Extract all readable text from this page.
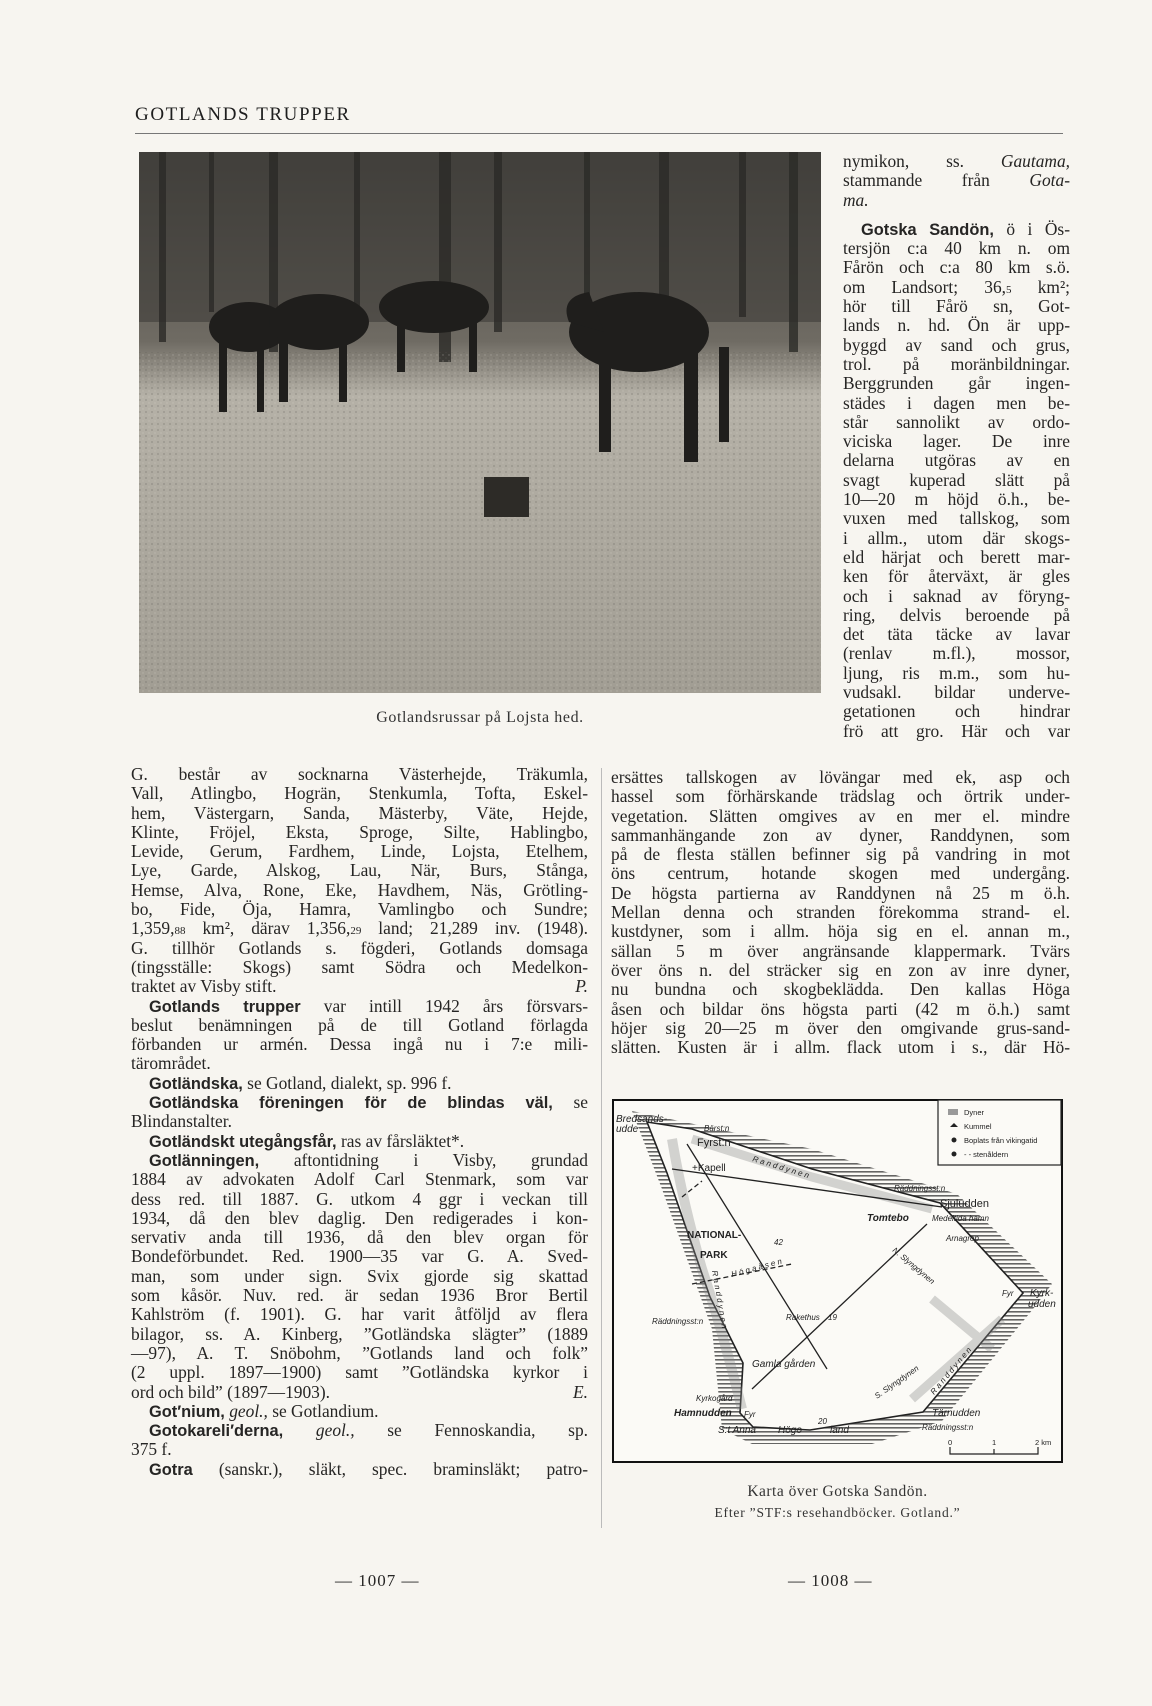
GOTLANDS TRUPPER
Gotlandsrussar på Lojsta hed.
nymikon, ss. Gautama,
stammande från Gota-
ma.
Gotska Sandön, ö i Ös-
tersjön c:a 40 km n. om
Fårön och c:a 80 km s.ö.
om Landsort; 36,5 km²;
hör till Fårö sn, Got-
lands n. hd. Ön är upp-
byggd av sand och grus,
trol. på moränbildningar.
Berggrunden går ingen-
städes i dagen men be-
står sannolikt av ordo-
viciska lager. De inre
delarna utgöras av en
svagt kuperad slätt på
10—20 m höjd ö.h., be-
vuxen med tallskog, som
i allm., utom där skogs-
eld härjat och berett mar-
ken för återväxt, är gles
och i saknad av föryng-
ring, delvis beroende på
det täta täcke av lavar
(renlav m.fl.), mossor,
ljung, ris m.m., som hu-
vudsakl. bildar underve-
getationen och hindrar
frö att gro. Här och var
G. består av socknarna Västerhejde, Träkumla,
Vall, Atlingbo, Hogrän, Stenkumla, Tofta, Eskel-
hem, Västergarn, Sanda, Mästerby, Väte, Hejde,
Klinte, Fröjel, Eksta, Sproge, Silte, Hablingbo,
Levide, Gerum, Fardhem, Linde, Lojsta, Etelhem,
Lye, Garde, Alskog, Lau, När, Burs, Stånga,
Hemse, Alva, Rone, Eke, Havdhem, Näs, Grötling-
bo, Fide, Öja, Hamra, Vamlingbo och Sundre;
1,359,88 km², därav 1,356,29 land; 21,289 inv. (1948).
G. tillhör Gotlands s. fögderi, Gotlands domsaga
(tingsställe: Skogs) samt Södra och Medelkon-
traktet av Visby stift.	P.
Gotlands trupper var intill 1942 års försvars-
beslut benämningen på de till Gotland förlagda
förbanden ur armén. Dessa ingå nu i 7:e mili-
tärområdet.
Gotländska, se Gotland, dialekt, sp. 996 f.
Gotländska föreningen för de blindas väl, se
Blindanstalter.
Gotländskt utegångsfår, ras av fårsläktet*.
Gotlänningen, aftontidning i Visby, grundad
1884 av advokaten Adolf Carl Stenmark, som var
dess red. till 1887. G. utkom 4 ggr i veckan till
1934, då den blev daglig. Den redigerades i kon-
servativ anda till 1936, då den blev organ för
Bondeförbundet. Red. 1900—35 var G. A. Sved-
man, som under sign. Svix gjorde sig skattad
som kåsör. Nuv. red. är sedan 1936 Bror Bertil
Kahlström (f. 1901). G. har varit åtföljd av flera
bilagor, ss. A. Kinberg, ”Gotländska slägter” (1889
—97), A. T. Snöbohm, ”Gotlands land och folk”
(2 uppl. 1897—1900) samt ”Gotländska kyrkor i
ord och bild” (1897—1903).	E.
Got′nium, geol., se Gotlandium.
Gotokareli′derna, geol., se Fennoskandia, sp.
375 f.
Gotra (sanskr.), släkt, spec. braminsläkt; patro-
ersättes tallskogen av lövängar med ek, asp och
hassel som förhärskande trädslag och örtrik under-
vegetation. Slätten omgives av en mer el. mindre
sammanhängande zon av dyner, Randdynen, som
på de flesta ställen befinner sig på vandring in mot
öns centrum, hotande skogen med undergång.
De högsta partierna av Randdynen nå 25 m ö.h.
Mellan denna och stranden förekomma strand- el.
kustdyner, som i allm. höja sig en el. annan m.,
sällan 5 m över angränsande klappermark. Tvärs
över öns n. del sträcker sig en zon av inre dyner,
nu bundna och skogbeklädda. Den kallas Höga
åsen och bildar öns högsta parti (42 m ö.h.) samt
höjer sig 20—25 m över den omgivande grus-sand-
slätten. Kusten är i allm. flack utom i s., där Hö-
Dyner
Kummel
Boplats från vikingatid
- - stenåldern
Bredsands-
udde	Bärst:n
R a n d d y n e n
H ö g a å s e n
42
Räddningsst:n
Medeltida hamn
Arnagrop
N. Slyngdynen
Fyr
R a n d d y n e n
Räddningsst:n	Rakethus 19
S. Slyngdynen R a n d d y n e n
Kyrkogård
Fyr
20
Räddningsst:n
Fyrst:n
+Kapell
NATIONAL-
PARK
Sjuludden
Tomtebo
Kyrk-
udden
Gamla gården
Hamnudden
S:t Anna Högo	land
Tärnudden
0	1	2 km
Karta över Gotska Sandön.
Efter ”STF:s resehandböcker. Gotland.”
— 1007 —	— 1008 —
